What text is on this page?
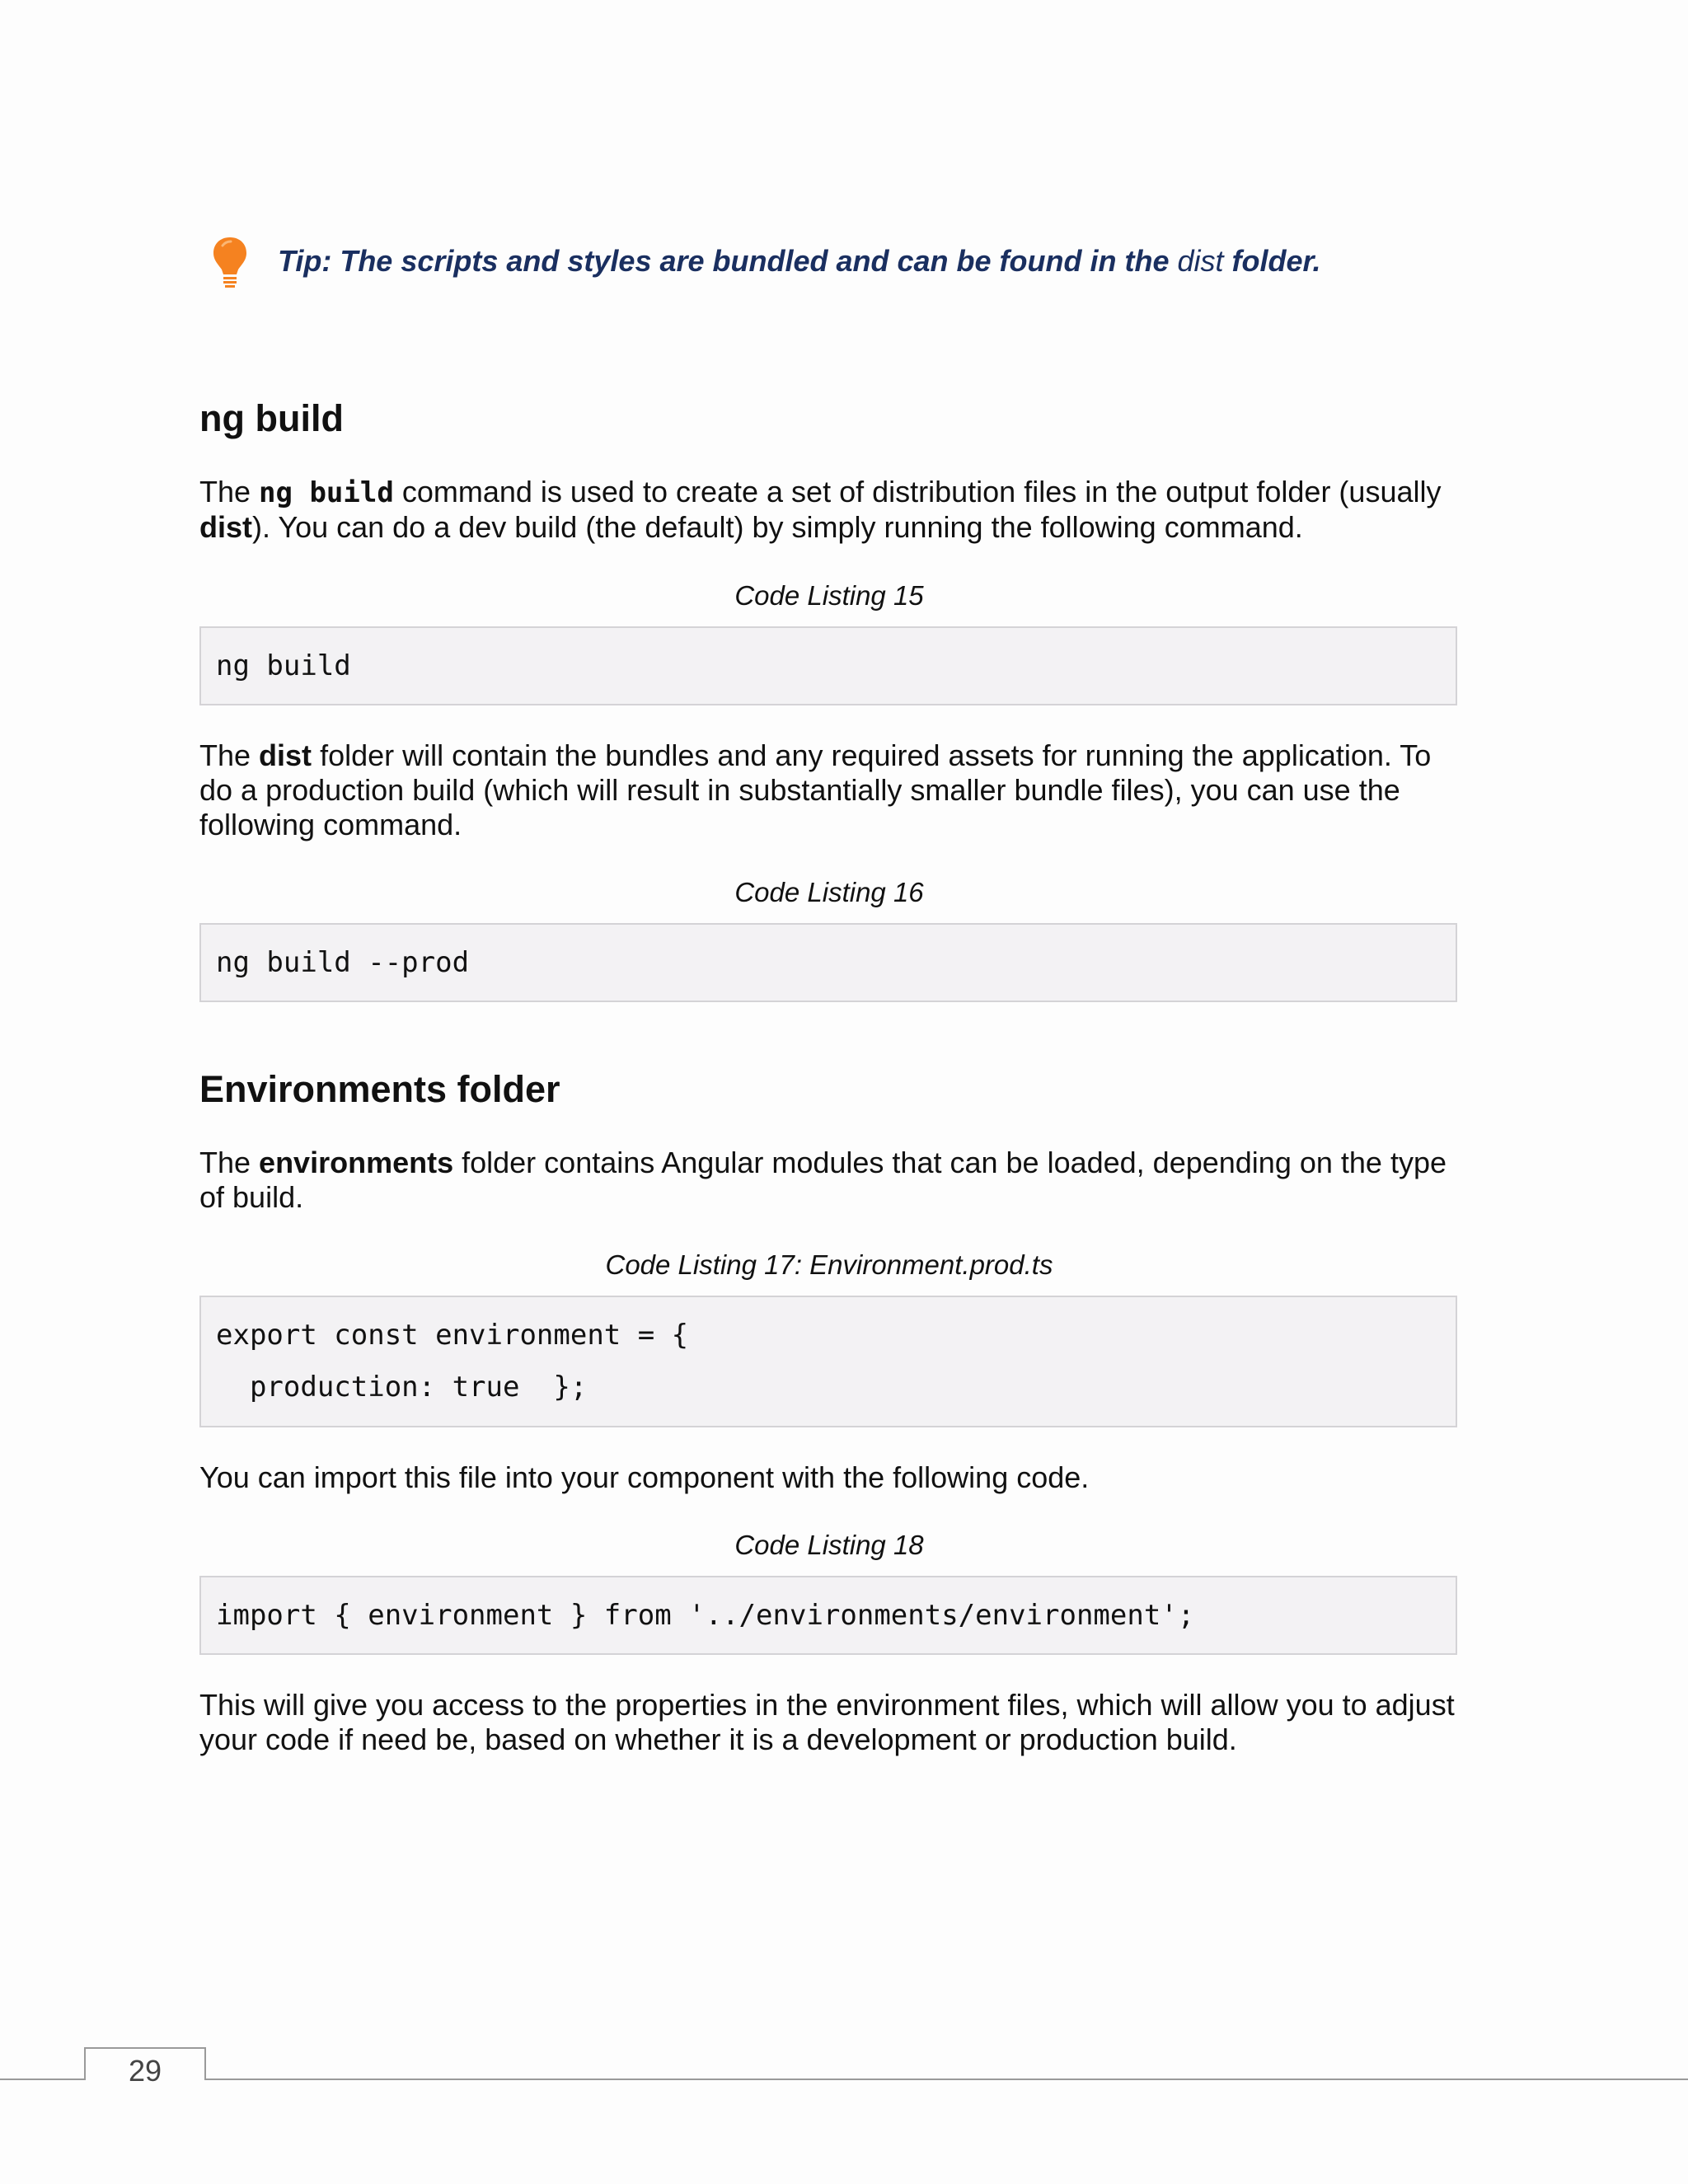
Tip: The scripts and styles are bundled and can be found in the dist folder.
ng build

The ng build command is used to create a set of distribution files in the output folder (usually
dist). You can do a dev build (the default) by simply running the following command.

Code Listing 15

ng build

The dist folder will contain the bundles and any required assets for running the application. To
do a production build (which will result in substantially smaller bundle files), you can use the
following command.

Code Listing 16

ng build --prod
Environments folder

The environments folder contains Angular modules that can be loaded, depending on the type
of build.

Code Listing 17: Environment.prod.ts

export const environment = {
production: true  };

You can import this file into your component with the following code.

Code Listing 18

import { environment } from '../environments/environment';

This will give you access to the properties in the environment files, which will allow you to adjust
your code if need be, based on whether it is a development or production build.

29
